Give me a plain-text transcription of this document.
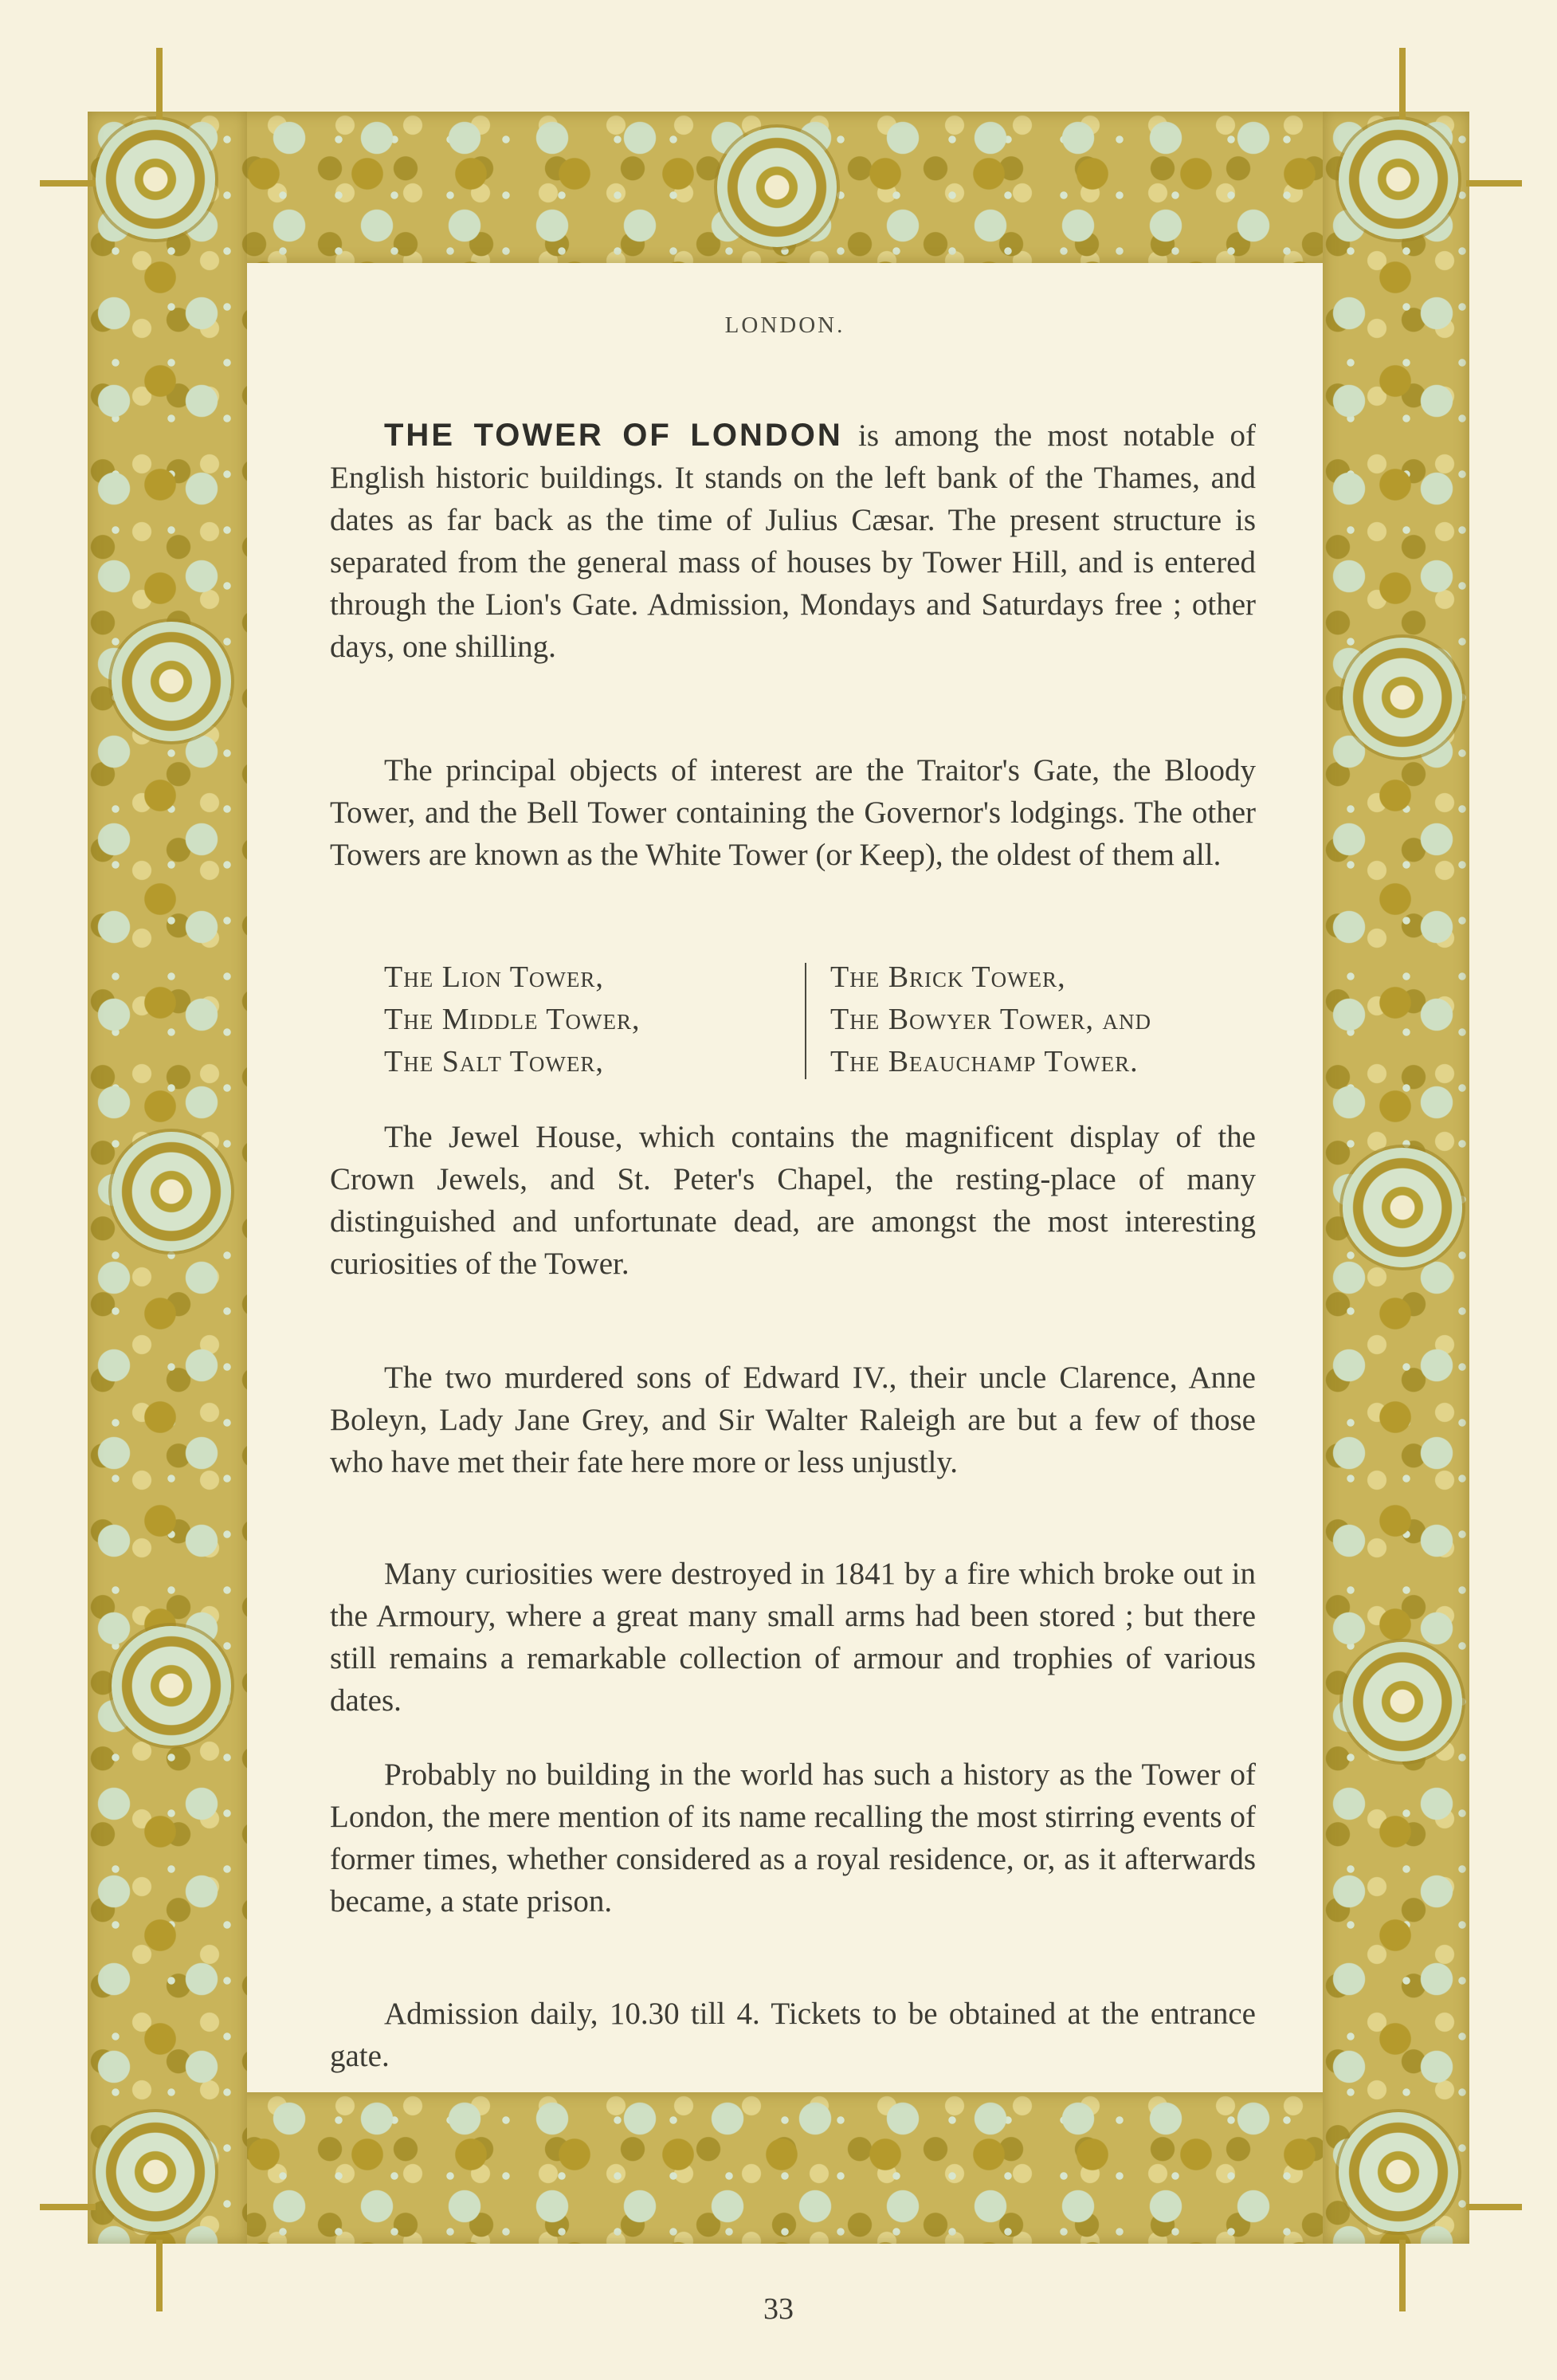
LONDON.

THE TOWER OF LONDON is among the most notable of English historic buildings. It stands on the left bank of the Thames, and dates as far back as the time of Julius Cæsar. The present structure is separated from the general mass of houses by Tower Hill, and is entered through the Lion's Gate. Admission, Mondays and Saturdays free ; other days, one shilling.

The principal objects of interest are the Traitor's Gate, the Bloody Tower, and the Bell Tower containing the Governor's lodgings. The other Towers are known as the White Tower (or Keep), the oldest of them all.

The Lion Tower,
The Middle Tower,
The Salt Tower,
The Brick Tower,
The Bowyer Tower, and
The Beauchamp Tower.

The Jewel House, which contains the magnificent display of the Crown Jewels, and St. Peter's Chapel, the resting-place of many distinguished and unfortunate dead, are amongst the most interesting curiosities of the Tower.

The two murdered sons of Edward IV., their uncle Clarence, Anne Boleyn, Lady Jane Grey, and Sir Walter Raleigh are but a few of those who have met their fate here more or less unjustly.

Many curiosities were destroyed in 1841 by a fire which broke out in the Armoury, where a great many small arms had been stored ; but there still remains a remarkable collection of armour and trophies of various dates.

Probably no building in the world has such a history as the Tower of London, the mere mention of its name recalling the most stirring events of former times, whether considered as a royal residence, or, as it afterwards became, a state prison.

Admission daily, 10.30 till 4. Tickets to be obtained at the entrance gate.

33
